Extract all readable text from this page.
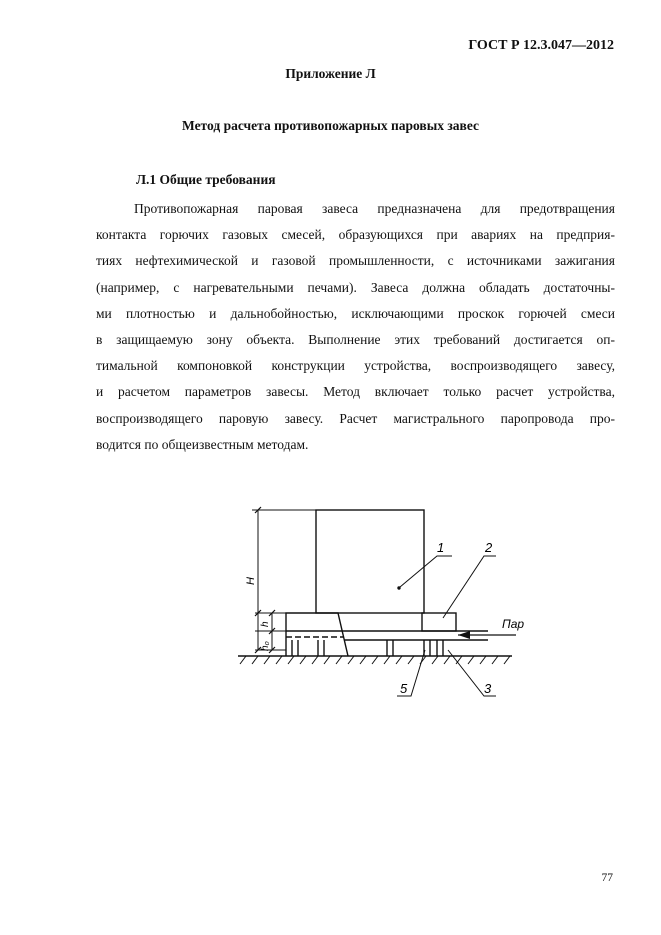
ГОСТ Р 12.3.047—2012
Приложение Л
Метод расчета противопожарных паровых завес
Л.1 Общие требования
Противопожарная паровая завеса предназначена для предотвращения
контакта горючих газовых смесей, образующихся при авариях на предприя-
тиях нефтехимической и газовой промышленности, с источниками зажигания
(например, с нагревательными печами). Завеса должна обладать достаточны-
ми плотностью и дальнобойностью, исключающими проскок горючей смеси
в защищаемую зону объекта. Выполнение этих требований достигается оп-
тимальной компоновкой конструкции устройства, воспроизводящего завесу,
и расчетом параметров завесы. Метод включает только расчет устройства,
воспроизводящего паровую завесу. Расчет магистрального паропровода про-
водится по общеизвестным методам.
1	2
3
5
Пар
H
h
h₀
77
